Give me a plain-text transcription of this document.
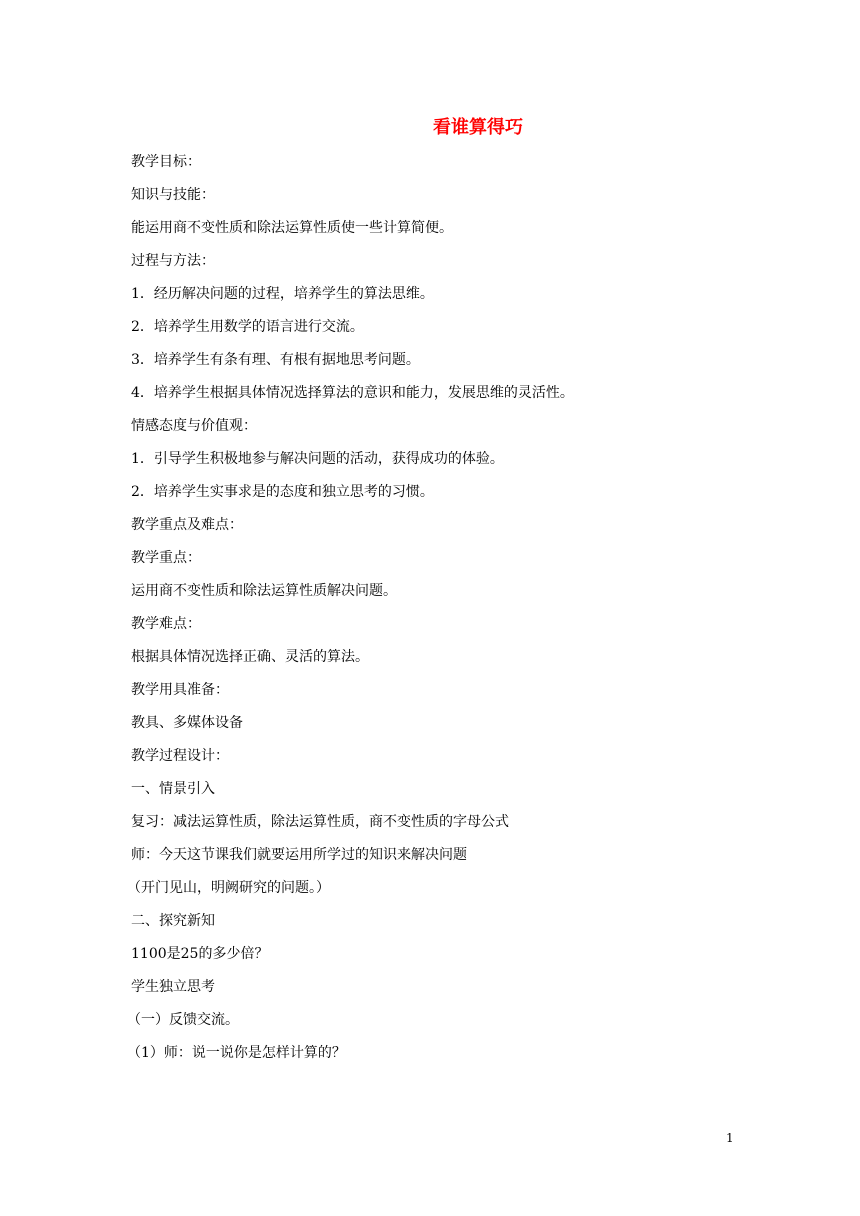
看谁算得巧
教学目标：
知识与技能：
能运用商不变性质和除法运算性质使一些计算简便。
过程与方法：
1．经历解决问题的过程，培养学生的算法思维。
2．培养学生用数学的语言进行交流。
3．培养学生有条有理、有根有据地思考问题。
4．培养学生根据具体情况选择算法的意识和能力，发展思维的灵活性。
情感态度与价值观：
1．引导学生积极地参与解决问题的活动，获得成功的体验。
2．培养学生实事求是的态度和独立思考的习惯。
教学重点及难点：
教学重点：
运用商不变性质和除法运算性质解决问题。
教学难点：
根据具体情况选择正确、灵活的算法。
教学用具准备：
教具、多媒体设备
教学过程设计：
一、情景引入
复习：减法运算性质，除法运算性质，商不变性质的字母公式
师：今天这节课我们就要运用所学过的知识来解决问题
（开门见山，明阙研究的问题。）
二、探究新知
1100是25的多少倍？
学生独立思考
（一）反馈交流。
（1）师：说一说你是怎样计算的？
1
